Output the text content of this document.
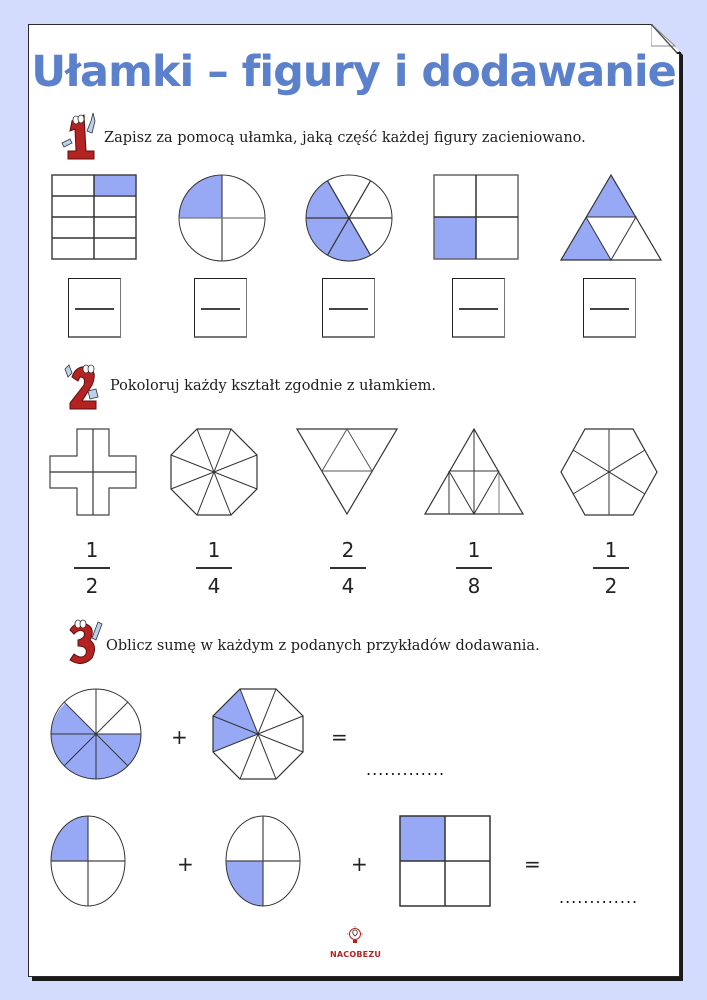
Ułamki – figury i dodawanie
Zapisz za pomocą ułamka, jaką część każdej figury zacieniowano.
Pokoloruj każdy kształt zgodnie z ułamkiem.
1
2
1
4
2
4
1
8
1
2
Oblicz sumę w każdym z podanych przykładów dodawania.
+	=
.............
+	+	=
.............
NACOBEZU
